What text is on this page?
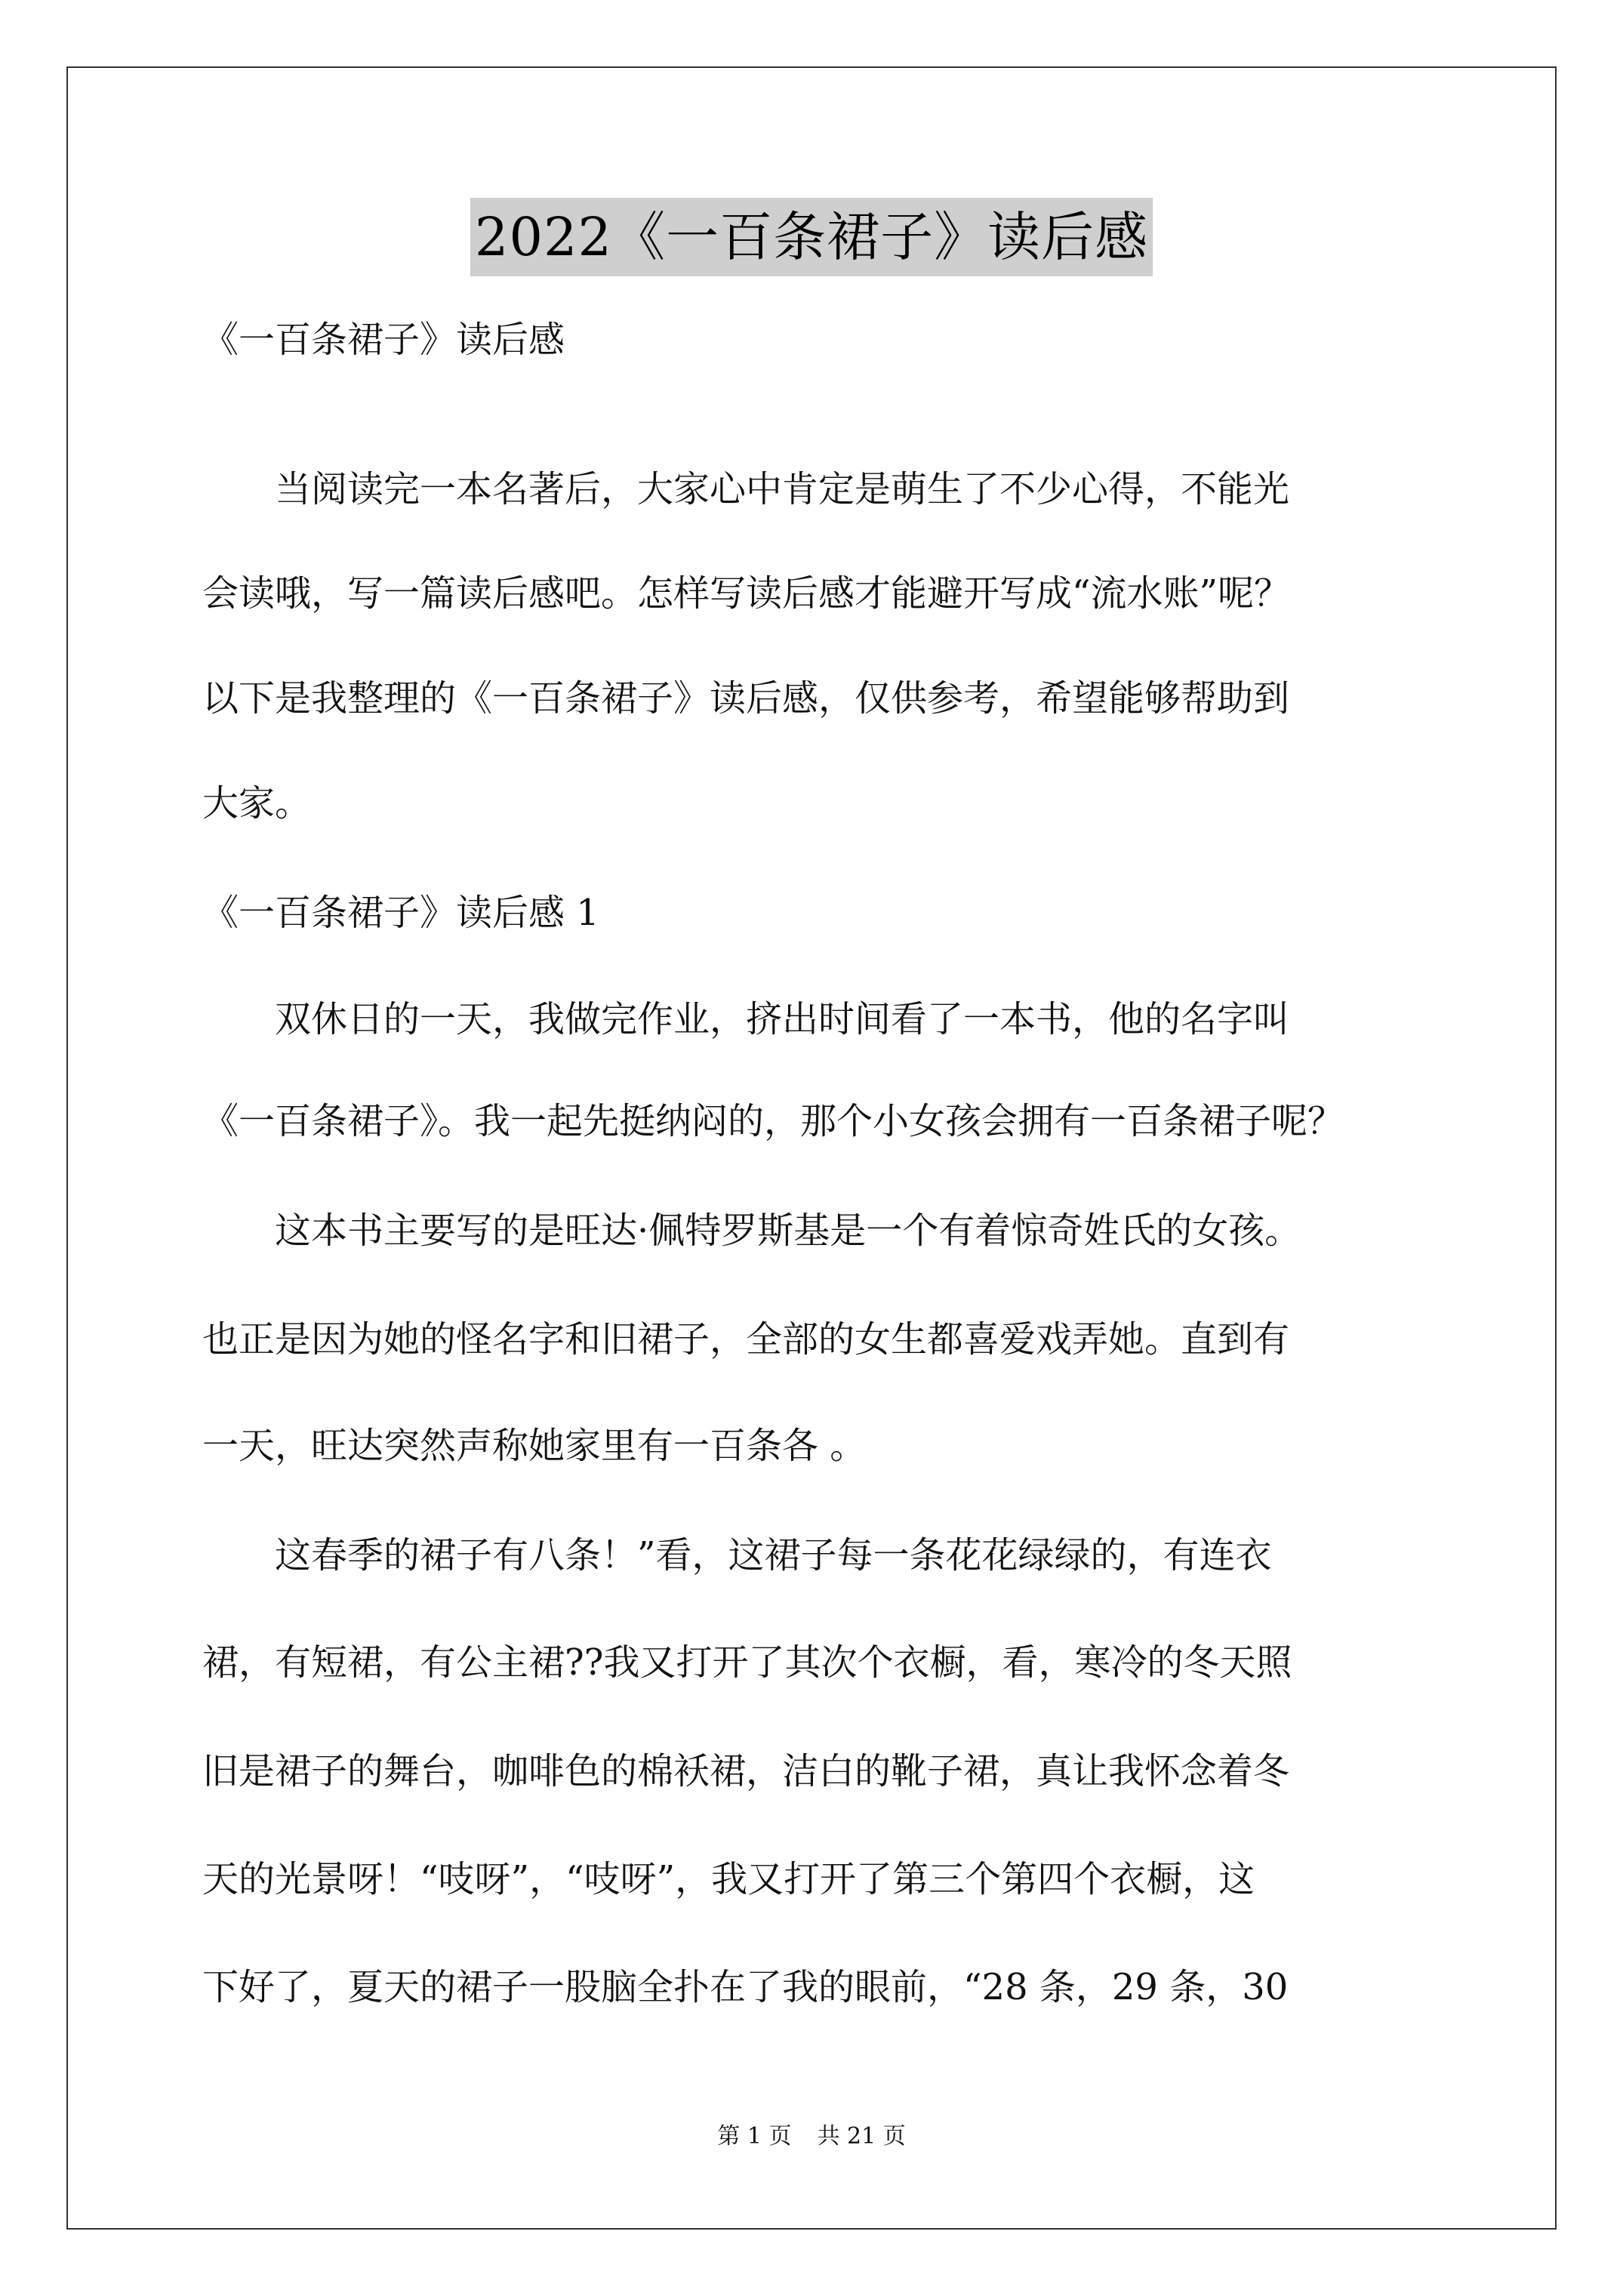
2022《一百条裙子》读后感
《一百条裙子》读后感
　　当阅读完一本名著后，大家心中肯定是萌生了不少心得，不能光
会读哦，写一篇读后感吧。怎样写读后感才能避开写成“流水账”呢？
以下是我整理的《一百条裙子》读后感，仅供参考，希望能够帮助到
大家。
《一百条裙子》读后感 1
　　双休日的一天，我做完作业，挤出时间看了一本书，他的名字叫
《一百条裙子》。我一起先挺纳闷的，那个小女孩会拥有一百条裙子呢？
　　这本书主要写的是旺达·佩特罗斯基是一个有着惊奇姓氏的女孩。
也正是因为她的怪名字和旧裙子，全部的女生都喜爱戏弄她。直到有
一天，旺达突然声称她家里有一百条各 。
　　这春季的裙子有八条！”看，这裙子每一条花花绿绿的，有连衣
裙，有短裙，有公主裙??我又打开了其次个衣橱，看，寒冷的冬天照
旧是裙子的舞台，咖啡色的棉袄裙，洁白的靴子裙，真让我怀念着冬
天的光景呀！“吱呀”，“吱呀”，我又打开了第三个第四个衣橱，这
下好了，夏天的裙子一股脑全扑在了我的眼前，“28 条，29 条，30
第 1 页 共 21 页
